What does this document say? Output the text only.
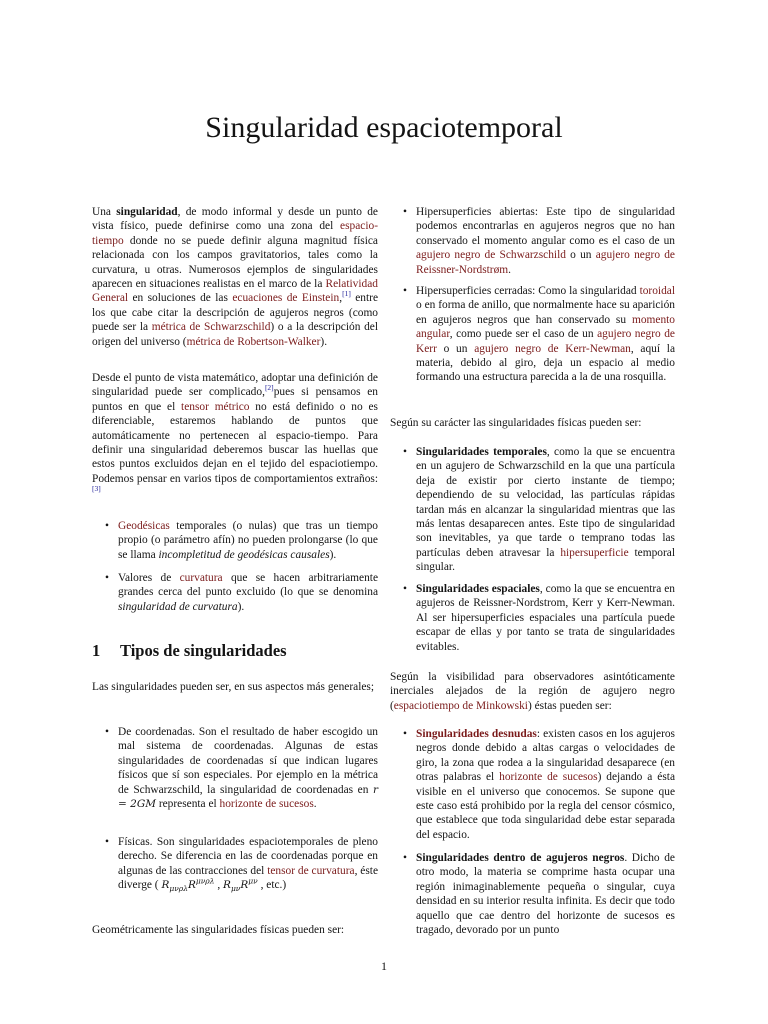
Singularidad espaciotemporal
Una singularidad, de modo informal y desde un punto de vista físico, puede definirse como una zona del espacio-tiempo donde no se puede definir alguna magnitud física relacionada con los campos gravitatorios, tales como la curvatura, u otras. Numerosos ejemplos de singularidades aparecen en situaciones realistas en el marco de la Relatividad General en soluciones de las ecuaciones de Einstein,[1] entre los que cabe citar la descripción de agujeros negros (como puede ser la métrica de Schwarzschild) o a la descripción del origen del universo (métrica de Robertson-Walker).
Desde el punto de vista matemático, adoptar una definición de singularidad puede ser complicado,[2]pues si pensamos en puntos en que el tensor métrico no está definido o no es diferenciable, estaremos hablando de puntos que automáticamente no pertenecen al espacio-tiempo. Para definir una singularidad deberemos buscar las huellas que estos puntos excluidos dejan en el tejido del espaciotiempo. Podemos pensar en varios tipos de comportamientos extraños:[3]
• Geodésicas temporales (o nulas) que tras un tiempo propio (o parámetro afín) no pueden prolongarse (lo que se llama incompletitud de geodésicas causales).
• Valores de curvatura que se hacen arbitrariamente grandes cerca del punto excluido (lo que se denomina singularidad de curvatura).
1 Tipos de singularidades
Las singularidades pueden ser, en sus aspectos más generales;
• De coordenadas. Son el resultado de haber escogido un mal sistema de coordenadas. Algunas de estas singularidades de coordenadas sí que indican lugares físicos que sí son especiales. Por ejemplo en la métrica de Schwarzschild, la singularidad de coordenadas en r = 2GM representa el horizonte de sucesos.
• Físicas. Son singularidades espaciotemporales de pleno derecho. Se diferencia en las de coordenadas porque en algunas de las contracciones del tensor de curvatura, éste diverge ( $R_{\mu\nu\rho\lambda}R^{\mu\nu\rho\lambda}$ , $R_{\mu\nu}R^{\mu\nu}$ , etc.)
Geométricamente las singularidades físicas pueden ser:
• Hipersuperficies abiertas: Este tipo de singularidad podemos encontrarlas en agujeros negros que no han conservado el momento angular como es el caso de un agujero negro de Schwarzschild o un agujero negro de Reissner-Nordstrøm.
• Hipersuperficies cerradas: Como la singularidad toroidal o en forma de anillo, que normalmente hace su aparición en agujeros negros que han conservado su momento angular, como puede ser el caso de un agujero negro de Kerr o un agujero negro de Kerr-Newman, aquí la materia, debido al giro, deja un espacio al medio formando una estructura parecida a la de una rosquilla.
Según su carácter las singularidades físicas pueden ser:
• Singularidades temporales, como la que se encuentra en un agujero de Schwarzschild en la que una partícula deja de existir por cierto instante de tiempo; dependiendo de su velocidad, las partículas rápidas tardan más en alcanzar la singularidad mientras que las más lentas desaparecen antes. Este tipo de singularidad son inevitables, ya que tarde o temprano todas las partículas deben atravesar la hipersuperficie temporal singular.
• Singularidades espaciales, como la que se encuentra en agujeros de Reissner-Nordstrom, Kerr y Kerr-Newman. Al ser hipersuperficies espaciales una partícula puede escapar de ellas y por tanto se trata de singularidades evitables.
Según la visibilidad para observadores asintóticamente inerciales alejados de la región de agujero negro (espaciotiempo de Minkowski) éstas pueden ser:
• Singularidades desnudas: existen casos en los agujeros negros donde debido a altas cargas o velocidades de giro, la zona que rodea a la singularidad desaparece (en otras palabras el horizonte de sucesos) dejando a ésta visible en el universo que conocemos. Se supone que este caso está prohibido por la regla del censor cósmico, que establece que toda singularidad debe estar separada del espacio.
• Singularidades dentro de agujeros negros. Dicho de otro modo, la materia se comprime hasta ocupar una región inimaginablemente pequeña o singular, cuya densidad en su interior resulta infinita. Es decir que todo aquello que cae dentro del horizonte de sucesos es tragado, devorado por un punto
1
